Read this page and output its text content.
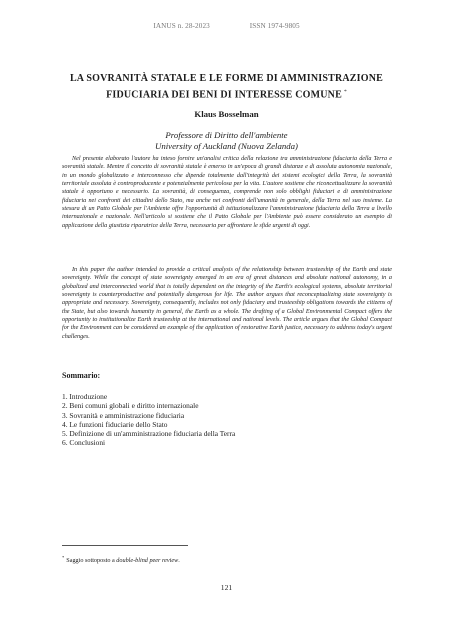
IANUS n. 28-2023	ISSN 1974-9805
LA SOVRANITÀ STATALE E LE FORME DI AMMINISTRAZIONE FIDUCIARIA DEI BENI DI INTERESSE COMUNE *
Klaus Bosselman
Professore di Diritto dell'ambiente
University of Auckland (Nuova Zelanda)

Nel presente elaborato l'autore ha inteso fornire un'analisi critica della relazione tra amministrazione fiduciaria della Terra e sovranità statale. Mentre il concetto di sovranità statale è emerso in un'epoca di grandi distanze e di assoluta autonomia nazionale, in un mondo globalizzato e interconnesso che dipende totalmente dall'integrità dei sistemi ecologici della Terra, la sovranità territoriale assoluta è controproducente e potenzialmente pericolosa per la vita. L'autore sostiene che riconcettualizzare la sovranità statale è opportuno e necessario. La sovranità, di conseguenza, comprende non solo obblighi fiduciari e di amministrazione fiduciaria nei confronti dei cittadini dello Stato, ma anche nei confronti dell'umanità in generale, della Terra nel suo insieme. La stesura di un Patto Globale per l'Ambiente offre l'opportunità di istituzionalizzare l'amministrazione fiduciaria della Terra a livello internazionale e nazionale. Nell'articolo si sostiene che il Patto Globale per l'Ambiente può essere considerato un esempio di applicazione della giustizia riparatrice della Terra, necessaria per affrontare le sfide urgenti di oggi.

In this paper the author intended to provide a critical analysis of the relationship between trusteeship of the Earth and state sovereignty. While the concept of state sovereignty emerged in an era of great distances and absolute national autonomy, in a globalized and interconnected world that is totally dependent on the integrity of the Earth's ecological systems, absolute territorial sovereignty is counterproductive and potentially dangerous for life. The author argues that reconceptualizing state sovereignty is appropriate and necessary. Sovereignty, consequently, includes not only fiduciary and trusteeship obligations towards the citizens of the State, but also towards humanity in general, the Earth as a whole. The drafting of a Global Environmental Compact offers the opportunity to institutionalize Earth trusteeship at the international and national levels. The article argues that the Global Compact for the Environment can be considered an example of the application of restorative Earth justice, necessary to address today's urgent challenges.

Sommario:
1. Introduzione
2. Beni comuni globali e diritto internazionale
3. Sovranità e amministrazione fiduciaria
4. Le funzioni fiduciarie dello Stato
5. Definizione di un'amministrazione fiduciaria della Terra
6. Conclusioni
* Saggio sottoposto a double-blind peer review.
121
